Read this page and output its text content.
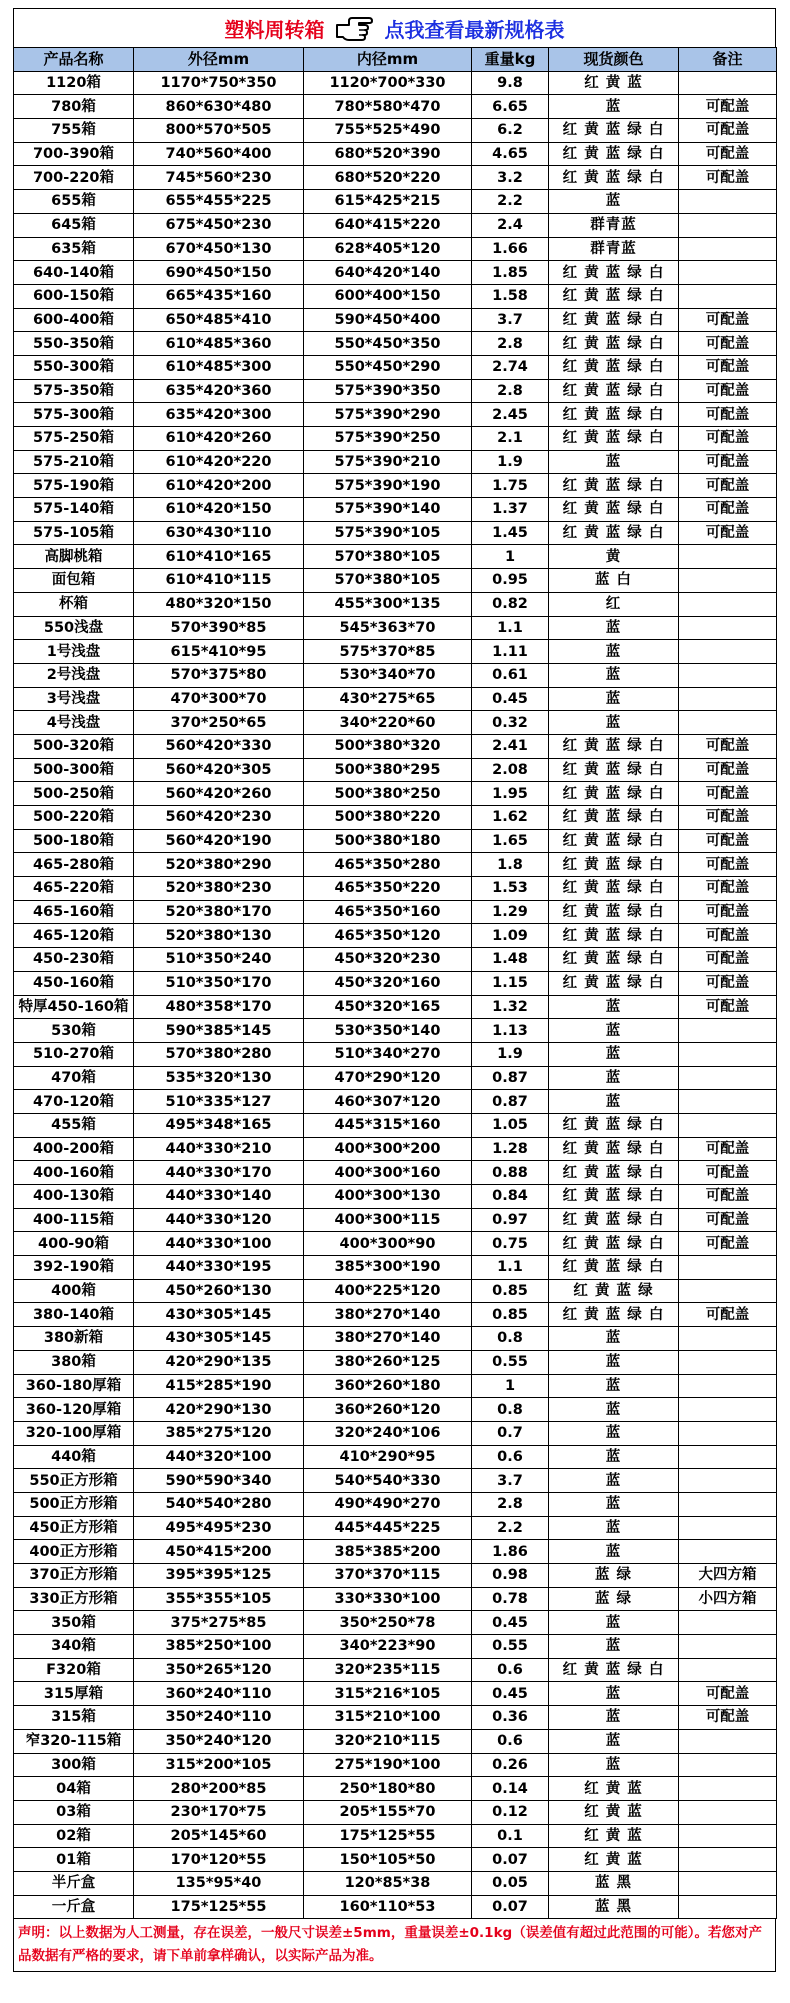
塑料周转箱	点我查看最新规格表
产品名称	外径mm	内径mm	重量kg	现货颜色	备注
1120箱	1170*750*350	1120*700*330	9.8	红 黄 蓝	
780箱	860*630*480	780*580*470	6.65	蓝	可配盖
755箱	800*570*505	755*525*490	6.2	红 黄 蓝 绿 白	可配盖
700-390箱	740*560*400	680*520*390	4.65	红 黄 蓝 绿 白	可配盖
700-220箱	745*560*230	680*520*220	3.2	红 黄 蓝 绿 白	可配盖
655箱	655*455*225	615*425*215	2.2	蓝	
645箱	675*450*230	640*415*220	2.4	群青蓝	
635箱	670*450*130	628*405*120	1.66	群青蓝	
640-140箱	690*450*150	640*420*140	1.85	红 黄 蓝 绿 白	
600-150箱	665*435*160	600*400*150	1.58	红 黄 蓝 绿 白	
600-400箱	650*485*410	590*450*400	3.7	红 黄 蓝 绿 白	可配盖
550-350箱	610*485*360	550*450*350	2.8	红 黄 蓝 绿 白	可配盖
550-300箱	610*485*300	550*450*290	2.74	红 黄 蓝 绿 白	可配盖
575-350箱	635*420*360	575*390*350	2.8	红 黄 蓝 绿 白	可配盖
575-300箱	635*420*300	575*390*290	2.45	红 黄 蓝 绿 白	可配盖
575-250箱	610*420*260	575*390*250	2.1	红 黄 蓝 绿 白	可配盖
575-210箱	610*420*220	575*390*210	1.9	蓝	可配盖
575-190箱	610*420*200	575*390*190	1.75	红 黄 蓝 绿 白	可配盖
575-140箱	610*420*150	575*390*140	1.37	红 黄 蓝 绿 白	可配盖
575-105箱	630*430*110	575*390*105	1.45	红 黄 蓝 绿 白	可配盖
高脚桃箱	610*410*165	570*380*105	1	黄	
面包箱	610*410*115	570*380*105	0.95	蓝 白	
杯箱	480*320*150	455*300*135	0.82	红	
550浅盘	570*390*85	545*363*70	1.1	蓝	
1号浅盘	615*410*95	575*370*85	1.11	蓝	
2号浅盘	570*375*80	530*340*70	0.61	蓝	
3号浅盘	470*300*70	430*275*65	0.45	蓝	
4号浅盘	370*250*65	340*220*60	0.32	蓝	
500-320箱	560*420*330	500*380*320	2.41	红 黄 蓝 绿 白	可配盖
500-300箱	560*420*305	500*380*295	2.08	红 黄 蓝 绿 白	可配盖
500-250箱	560*420*260	500*380*250	1.95	红 黄 蓝 绿 白	可配盖
500-220箱	560*420*230	500*380*220	1.62	红 黄 蓝 绿 白	可配盖
500-180箱	560*420*190	500*380*180	1.65	红 黄 蓝 绿 白	可配盖
465-280箱	520*380*290	465*350*280	1.8	红 黄 蓝 绿 白	可配盖
465-220箱	520*380*230	465*350*220	1.53	红 黄 蓝 绿 白	可配盖
465-160箱	520*380*170	465*350*160	1.29	红 黄 蓝 绿 白	可配盖
465-120箱	520*380*130	465*350*120	1.09	红 黄 蓝 绿 白	可配盖
450-230箱	510*350*240	450*320*230	1.48	红 黄 蓝 绿 白	可配盖
450-160箱	510*350*170	450*320*160	1.15	红 黄 蓝 绿 白	可配盖
特厚450-160箱	480*358*170	450*320*165	1.32	蓝	可配盖
530箱	590*385*145	530*350*140	1.13	蓝	
510-270箱	570*380*280	510*340*270	1.9	蓝	
470箱	535*320*130	470*290*120	0.87	蓝	
470-120箱	510*335*127	460*307*120	0.87	蓝	
455箱	495*348*165	445*315*160	1.05	红 黄 蓝 绿 白	
400-200箱	440*330*210	400*300*200	1.28	红 黄 蓝 绿 白	可配盖
400-160箱	440*330*170	400*300*160	0.88	红 黄 蓝 绿 白	可配盖
400-130箱	440*330*140	400*300*130	0.84	红 黄 蓝 绿 白	可配盖
400-115箱	440*330*120	400*300*115	0.97	红 黄 蓝 绿 白	可配盖
400-90箱	440*330*100	400*300*90	0.75	红 黄 蓝 绿 白	可配盖
392-190箱	440*330*195	385*300*190	1.1	红 黄 蓝 绿 白	
400箱	450*260*130	400*225*120	0.85	红 黄 蓝 绿	
380-140箱	430*305*145	380*270*140	0.85	红 黄 蓝 绿 白	可配盖
380新箱	430*305*145	380*270*140	0.8	蓝	
380箱	420*290*135	380*260*125	0.55	蓝	
360-180厚箱	415*285*190	360*260*180	1	蓝	
360-120厚箱	420*290*130	360*260*120	0.8	蓝	
320-100厚箱	385*275*120	320*240*106	0.7	蓝	
440箱	440*320*100	410*290*95	0.6	蓝	
550正方形箱	590*590*340	540*540*330	3.7	蓝	
500正方形箱	540*540*280	490*490*270	2.8	蓝	
450正方形箱	495*495*230	445*445*225	2.2	蓝	
400正方形箱	450*415*200	385*385*200	1.86	蓝	
370正方形箱	395*395*125	370*370*115	0.98	蓝 绿	大四方箱
330正方形箱	355*355*105	330*330*100	0.78	蓝 绿	小四方箱
350箱	375*275*85	350*250*78	0.45	蓝	
340箱	385*250*100	340*223*90	0.55	蓝	
F320箱	350*265*120	320*235*115	0.6	红 黄 蓝 绿 白	
315厚箱	360*240*110	315*216*105	0.45	蓝	可配盖
315箱	350*240*110	315*210*100	0.36	蓝	可配盖
窄320-115箱	350*240*120	320*210*115	0.6	蓝	
300箱	315*200*105	275*190*100	0.26	蓝	
04箱	280*200*85	250*180*80	0.14	红 黄 蓝	
03箱	230*170*75	205*155*70	0.12	红 黄 蓝	
02箱	205*145*60	175*125*55	0.1	红 黄 蓝	
01箱	170*120*55	150*105*50	0.07	红 黄 蓝	
半斤盒	135*95*40	120*85*38	0.05	蓝 黑	
一斤盒	175*125*55	160*110*53	0.07	蓝 黑	
声明：以上数据为人工测量，存在误差，一般尺寸误差±5mm，重量误差±0.1kg（误差值有超过此范围的可能）。若您对产品数据有严格的要求，请下单前拿样确认，以实际产品为准。
